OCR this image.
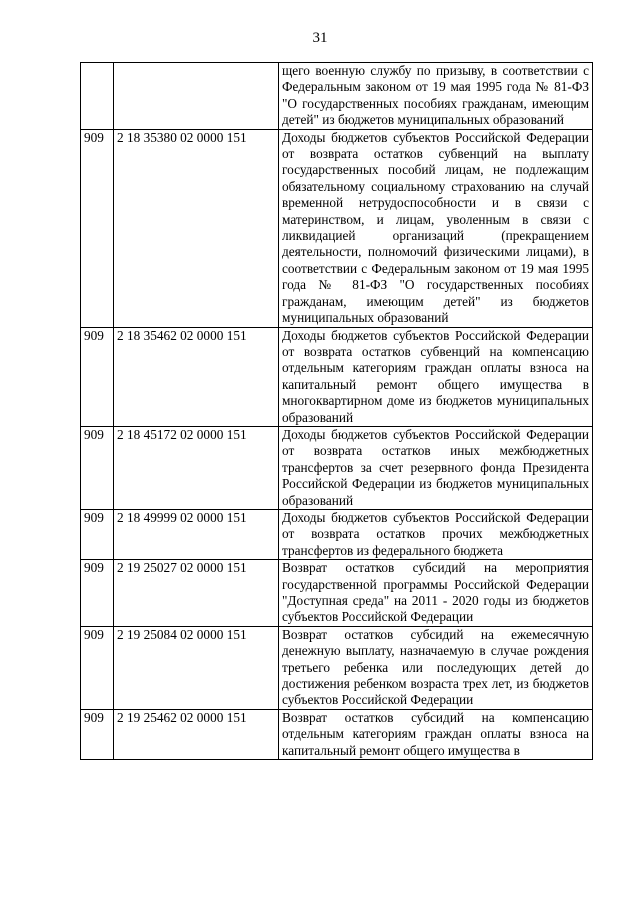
31
		щего военную службу по призыву, в соответствии с Федеральным законом от 19 мая 1995 года № 81-ФЗ "О государственных пособиях гражданам, имеющим детей" из бюджетов муниципальных образований
909	2 18 35380 02 0000 151	Доходы бюджетов субъектов Российской Федерации от возврата остатков субвенций на выплату государственных пособий лицам, не подлежащим обязательному социальному страхованию на случай временной нетрудоспособности и в связи с материнством, и лицам, уволенным в связи с ликвидацией организаций (прекращением деятельности, полномочий физическими лицами), в соответствии с Федеральным законом от 19 мая 1995 года № 81-ФЗ "О государственных пособиях гражданам, имеющим детей" из бюджетов муниципальных образований
909	2 18 35462 02 0000 151	Доходы бюджетов субъектов Российской Федерации от возврата остатков субвенций на компенсацию отдельным категориям граждан оплаты взноса на капитальный ремонт общего имущества в многоквартирном доме из бюджетов муниципальных образований
909	2 18 45172 02 0000 151	Доходы бюджетов субъектов Российской Федерации от возврата остатков иных межбюджетных трансфертов за счет резервного фонда Президента Российской Федерации из бюджетов муниципальных образований
909	2 18 49999 02 0000 151	Доходы бюджетов субъектов Российской Федерации от возврата остатков прочих межбюджетных трансфертов из федерального бюджета
909	2 19 25027 02 0000 151	Возврат остатков субсидий на мероприятия государственной программы Российской Федерации "Доступная среда" на 2011 - 2020 годы из бюджетов субъектов Российской Федерации
909	2 19 25084 02 0000 151	Возврат остатков субсидий на ежемесячную денежную выплату, назначаемую в случае рождения третьего ребенка или последующих детей до достижения ребенком возраста трех лет, из бюджетов субъектов Российской Федерации
909	2 19 25462 02 0000 151	Возврат остатков субсидий на компенсацию отдельным категориям граждан оплаты взноса на капитальный ремонт общего имущества в
